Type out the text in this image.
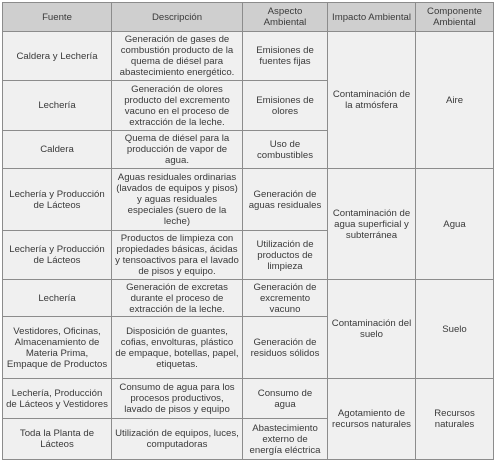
Fuente	Descripción	Aspecto Ambiental	Impacto Ambiental	Componente Ambiental
Caldera y Lechería	Generación de gases de combustión producto de la quema de diésel para abastecimiento energético.	Emisiones de fuentes fijas	Contaminación de la atmósfera	Aire
Lechería	Generación de olores producto del excremento vacuno en el proceso de extracción de la leche.	Emisiones de olores		
Caldera	Quema de diésel para la producción de vapor de agua.	Uso de combustibles		
Lechería y Producción de Lácteos	Aguas residuales ordinarias (lavados de equipos y pisos) y aguas residuales especiales (suero de la leche)	Generación de aguas residuales	Contaminación de agua superficial y subterránea	Agua
Lechería y Producción de Lácteos	Productos de limpieza con propiedades básicas, ácidas y tensoactivos para el lavado de pisos y equipo.	Utilización de productos de limpieza		
Lechería	Generación de excretas durante el proceso de extracción de la leche.	Generación de excremento vacuno	Contaminación del suelo	Suelo
Vestidores, Oficinas, Almacenamiento de Materia Prima, Empaque de Productos	Disposición de guantes, cofias, envolturas, plástico de empaque, botellas, papel, etiquetas.	Generación de residuos sólidos		
Lechería, Producción de Lácteos y Vestidores	Consumo de agua para los procesos productivos, lavado de pisos y equipo	Consumo de agua	Agotamiento de recursos naturales	Recursos naturales
Toda la Planta de Lácteos	Utilización de equipos, luces, computadoras	Abastecimiento externo de energía eléctrica		
